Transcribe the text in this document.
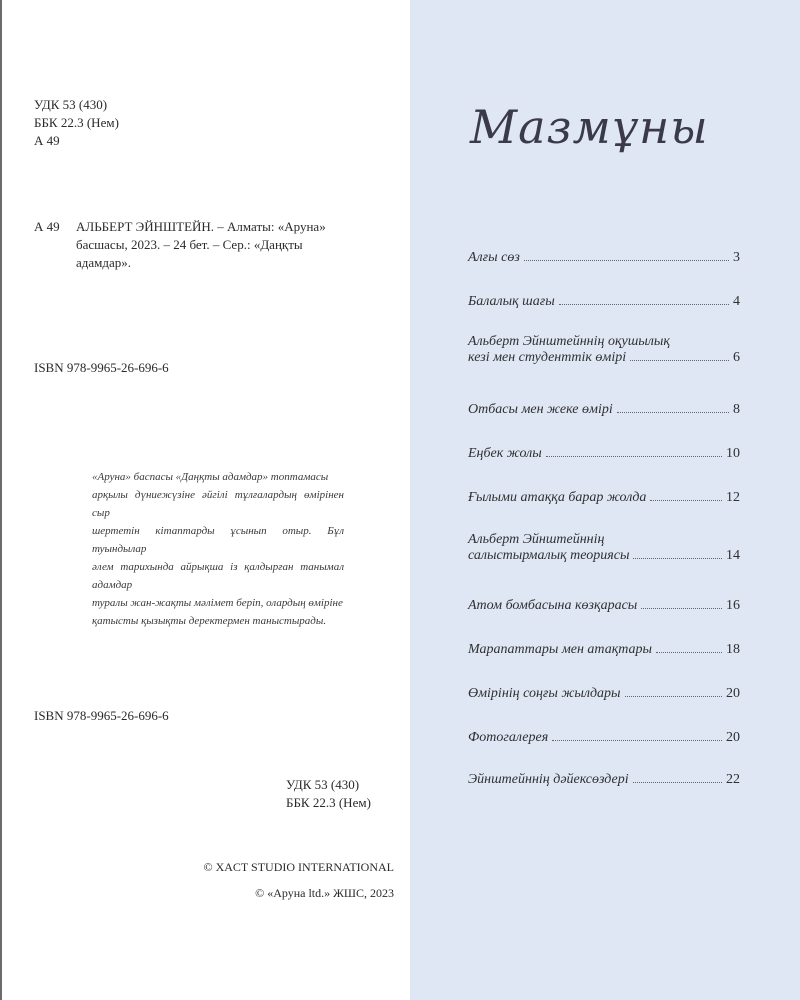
УДК 53 (430)
ББК 22.3 (Нем)
А 49
А 49 АЛЬБЕРТ ЭЙНШТЕЙН. – Алматы: «Аруна»
басшасы, 2023. – 24 бет. – Сер.: «Даңқты
адамдар».
ISBN 978-9965-26-696-6
«Аруна» баспасы «Даңқты адамдар» топтамасы
арқылы дүниежүзіне әйгілі тұлғалардың өмірінен сыр
шертетін кітаптарды ұсынып отыр. Бұл туындылар
әлем тарихында айрықша із қалдырған танымал адамдар
туралы жан-жақты мәлімет беріп, олардың өміріне
қатысты қызықты деректермен таныстырады.
ISBN 978-9965-26-696-6
УДК 53 (430)
ББК 22.3 (Нем)
© XACT STUDIO INTERNATIONAL
© «Аруна ltd.» ЖШС, 2023
Мазмұны
Алғы сөз	3
Балалық шағы	4
Альберт Эйнштейннің оқушылық
кезі мен студенттік өмірі	6
Отбасы мен жеке өмірі	8
Еңбек жолы	10
Ғылыми атаққа барар жолда	12
Альберт Эйнштейннің
салыстырмалық теориясы	14
Атом бомбасына көзқарасы	16
Марапаттары мен атақтары	18
Өмірінің соңғы жылдары	20
Фотогалерея	20
Эйнштейннің дәйексөздері	22
